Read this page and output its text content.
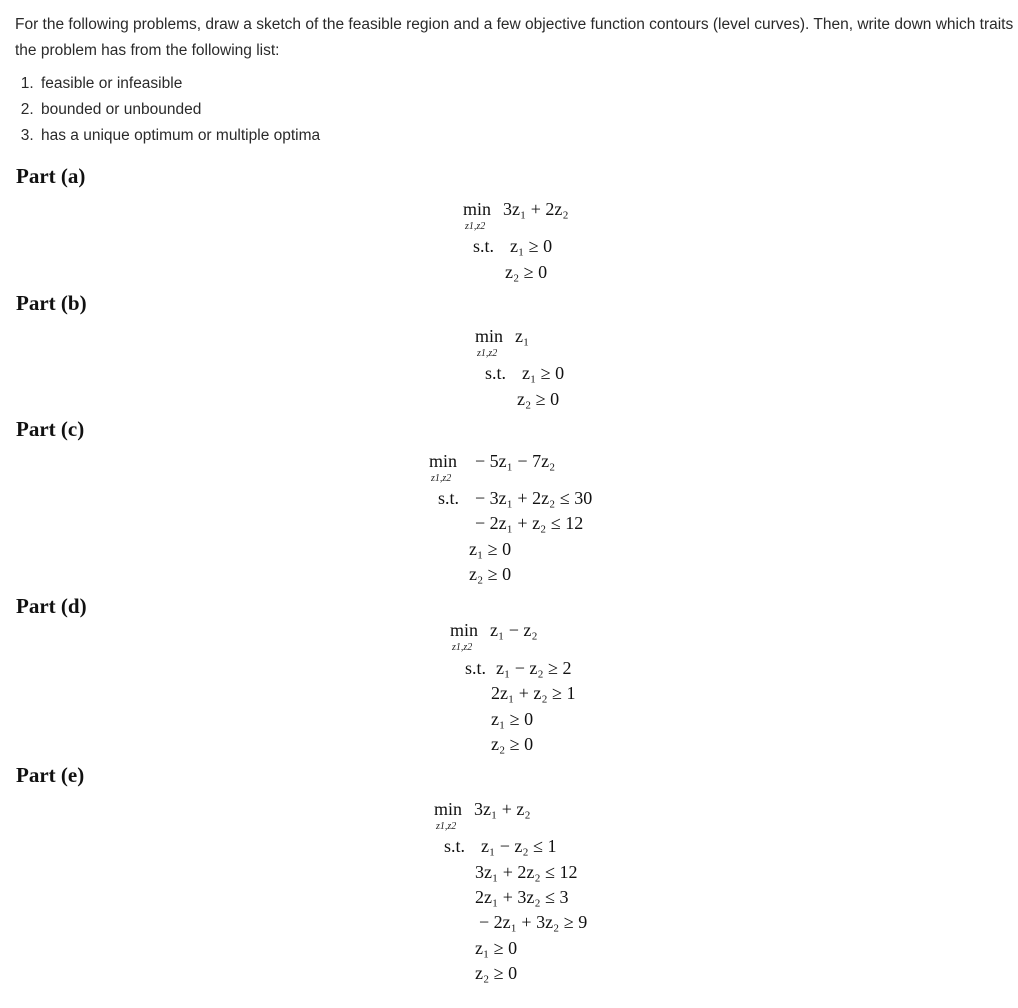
For the following problems, draw a sketch of the feasible region and a few objective function contours (level curves). Then, write down which traits the problem has from the following list:

1. feasible or infeasible
2. bounded or unbounded
3. has a unique optimum or multiple optima
Part (a)
min
z1,z2
3z₁ + 2z₂
s.t. z₁ ≥ 0
z₂ ≥ 0
Part (b)
min
z1,z2
z₁
s.t. z₁ ≥ 0
z₂ ≥ 0
Part (c)
min
z1,z2
− 5z₁ − 7z₂
s.t. − 3z₁ + 2z₂ ≤ 30
− 2z₁ + z₂ ≤ 12
z₁ ≥ 0
z₂ ≥ 0
Part (d)
min
z1,z2
z₁ − z₂
s.t. z₁ − z₂ ≥ 2
2z₁ + z₂ ≥ 1
z₁ ≥ 0
z₂ ≥ 0
Part (e)
min
z1,z2
3z₁ + z₂
s.t. z₁ − z₂ ≤ 1
3z₁ + 2z₂ ≤ 12
2z₁ + 3z₂ ≤ 3
− 2z₁ + 3z₂ ≥ 9
z₁ ≥ 0
z₂ ≥ 0
